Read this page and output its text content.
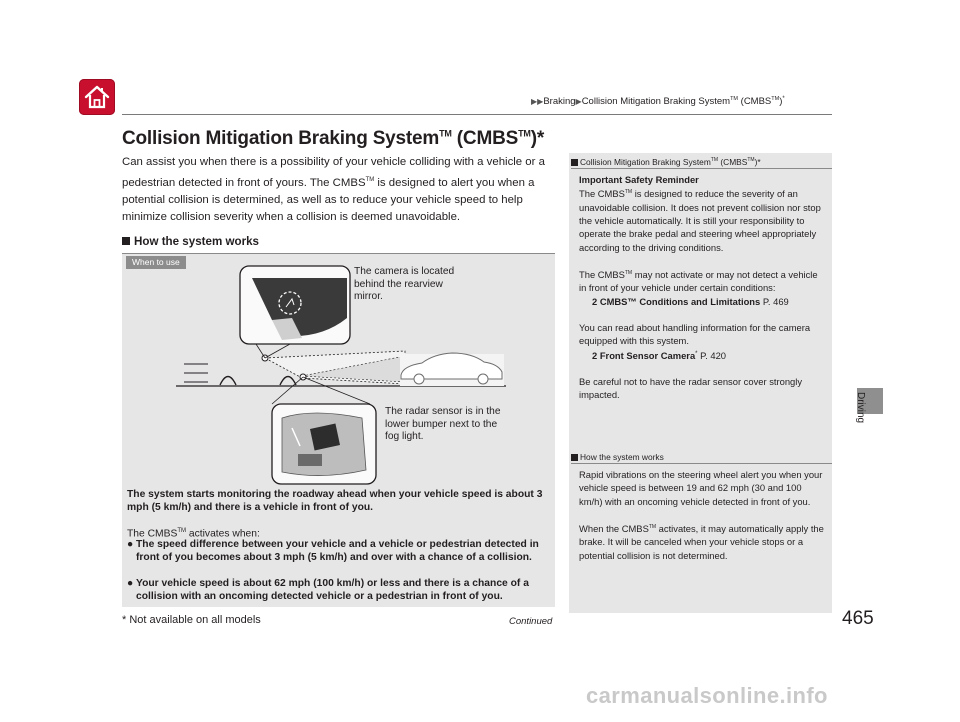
▶▶Braking▶Collision Mitigation Braking System™ (CMBS™)*
Collision Mitigation Braking System™ (CMBS™)*
Can assist you when there is a possibility of your vehicle colliding with a vehicle or a pedestrian detected in front of yours. The CMBS™ is designed to alert you when a potential collision is determined, as well as to reduce your vehicle speed to help minimize collision severity when a collision is deemed unavoidable.
How the system works
When to use
The camera is located behind the rearview mirror.
The radar sensor is in the lower bumper next to the fog light.
The system starts monitoring the roadway ahead when your vehicle speed is about 3 mph (5 km/h) and there is a vehicle in front of you.
The CMBS™ activates when:
● The speed difference between your vehicle and a vehicle or pedestrian detected in front of you becomes about 3 mph (5 km/h) and over with a chance of a collision.
● Your vehicle speed is about 62 mph (100 km/h) or less and there is a chance of a collision with an oncoming detected vehicle or a pedestrian in front of you.
Collision Mitigation Braking System™ (CMBS™)*
Important Safety Reminder
The CMBS™ is designed to reduce the severity of an unavoidable collision. It does not prevent collision nor stop the vehicle automatically. It is still your responsibility to operate the brake pedal and steering wheel appropriately according to the driving conditions.
The CMBS™ may not activate or may not detect a vehicle in front of your vehicle under certain conditions:
2 CMBS™ Conditions and Limitations P. 469
You can read about handling information for the camera equipped with this system.
2 Front Sensor Camera* P. 420
Be careful not to have the radar sensor cover strongly impacted.
How the system works
Rapid vibrations on the steering wheel alert you when your vehicle speed is between 19 and 62 mph (30 and 100 km/h) with an oncoming vehicle detected in front of you.
When the CMBS™ activates, it may automatically apply the brake. It will be canceled when your vehicle stops or a potential collision is not determined.
Driving
* Not available on all models	Continued	465
carmanualsonline.info
